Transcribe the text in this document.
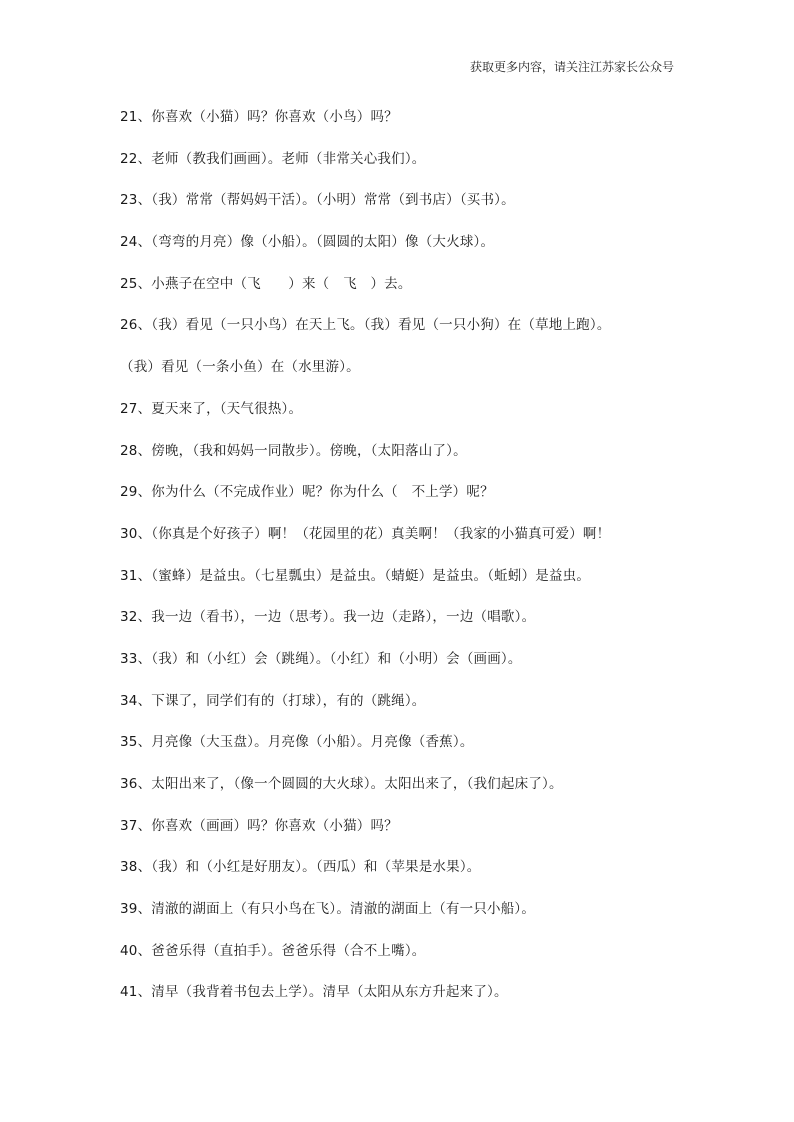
获取更多内容，请关注江苏家长公众号
21、你喜欢（小猫）吗？你喜欢（小鸟）吗？
22、老师（教我们画画）。老师（非常关心我们）。
23、（我）常常（帮妈妈干活）。（小明）常常（到书店）（买书）。
24、（弯弯的月亮）像（小船）。（圆圆的太阳）像（大火球）。
25、小燕子在空中（飞　　）来（　飞　）去。
26、（我）看见（一只小鸟）在天上飞。（我）看见（一只小狗）在（草地上跑）。
（我）看见（一条小鱼）在（水里游）。
27、夏天来了，（天气很热）。
28、傍晚，（我和妈妈一同散步）。傍晚，（太阳落山了）。
29、你为什么（不完成作业）呢？你为什么（　不上学）呢？
30、（你真是个好孩子）啊！（花园里的花）真美啊！（我家的小猫真可爱）啊！
31、（蜜蜂）是益虫。（七星瓢虫）是益虫。（蜻蜓）是益虫。（蚯蚓）是益虫。
32、我一边（看书），一边（思考）。我一边（走路），一边（唱歌）。
33、（我）和（小红）会（跳绳）。（小红）和（小明）会（画画）。
34、下课了，同学们有的（打球），有的（跳绳）。
35、月亮像（大玉盘）。月亮像（小船）。月亮像（香蕉）。
36、太阳出来了，（像一个圆圆的大火球）。太阳出来了，（我们起床了）。
37、你喜欢（画画）吗？你喜欢（小猫）吗？
38、（我）和（小红是好朋友）。（西瓜）和（苹果是水果）。
39、清澈的湖面上（有只小鸟在飞）。清澈的湖面上（有一只小船）。
40、爸爸乐得（直拍手）。爸爸乐得（合不上嘴）。
41、清早（我背着书包去上学）。清早（太阳从东方升起来了）。
